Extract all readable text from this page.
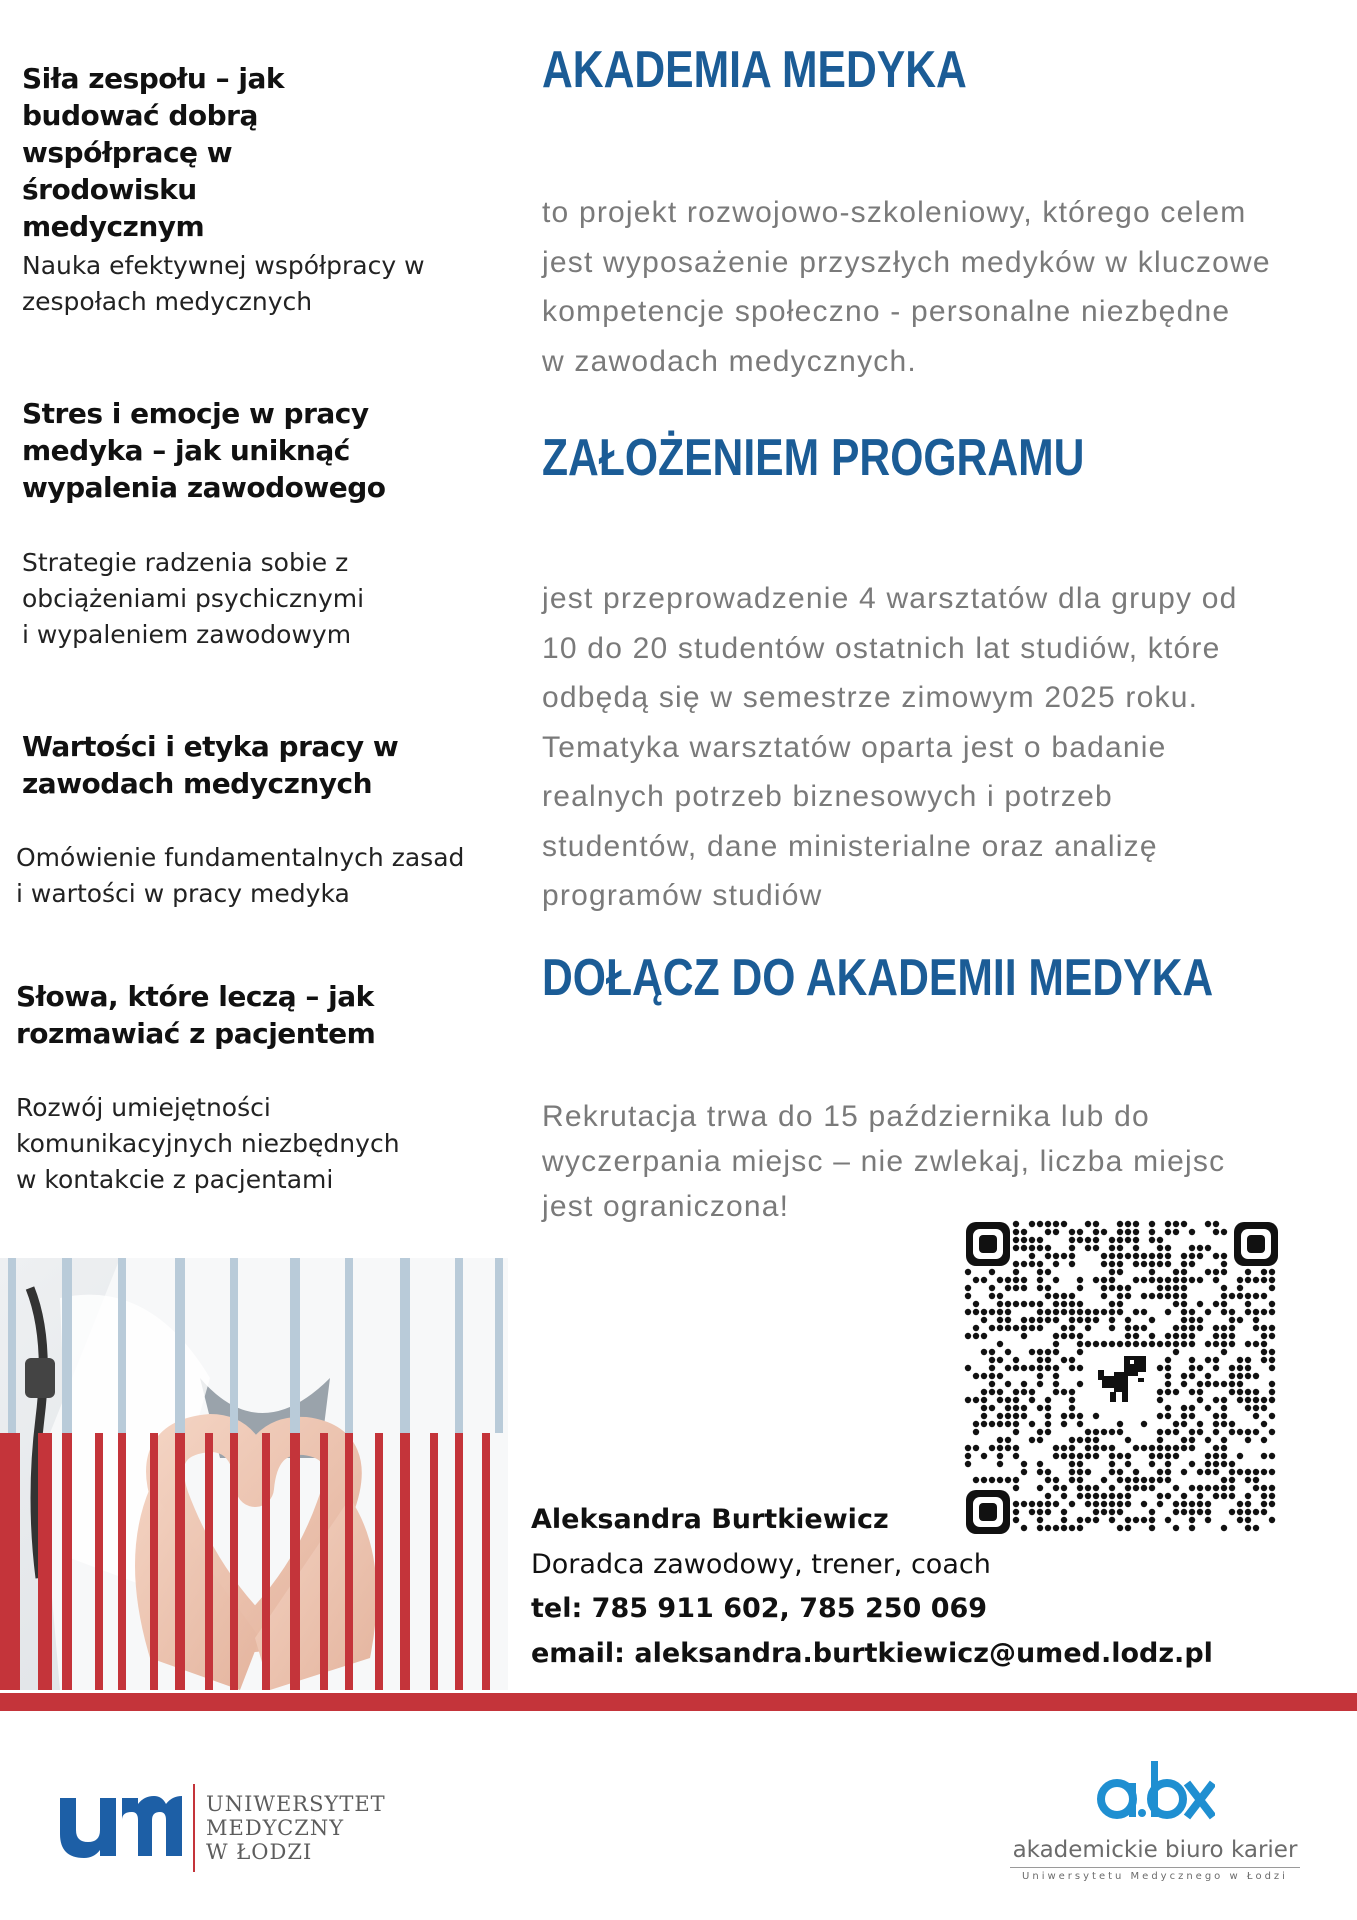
Siła zespołu – jak budować dobrą współpracę w środowisku medycznym
Nauka efektywnej współpracy w
zespołach medycznych
Stres i emocje w pracy medyka – jak uniknąć wypalenia zawodowego
Strategie radzenia sobie z
obciążeniami psychicznymi
i wypaleniem zawodowym
Wartości i etyka pracy w zawodach medycznych
Omówienie fundamentalnych zasad
i wartości w pracy medyka
Słowa, które leczą – jak rozmawiać z pacjentem
Rozwój umiejętności
komunikacyjnych niezbędnych
w kontakcie z pacjentami
AKADEMIA MEDYKA
to projekt rozwojowo-szkoleniowy, którego celem
jest wyposażenie przyszłych medyków w kluczowe
kompetencje społeczno - personalne niezbędne
w zawodach medycznych.
ZAŁOŻENIEM PROGRAMU
jest przeprowadzenie 4 warsztatów dla grupy od
10 do 20 studentów ostatnich lat studiów, które
odbędą się w semestrze zimowym 2025 roku.
Tematyka warsztatów oparta jest o badanie
realnych potrzeb biznesowych i potrzeb
studentów, dane ministerialne oraz analizę
programów studiów
DOŁĄCZ DO AKADEMII MEDYKA
Rekrutacja trwa do 15 października lub do
wyczerpania miejsc – nie zwlekaj, liczba miejsc
jest ograniczona!
Aleksandra Burtkiewicz
Doradca zawodowy, trener, coach
tel: 785 911 602, 785 250 069
email: aleksandra.burtkiewicz@umed.lodz.pl
UNIWERSYTET
MEDYCZNY
W ŁODZI	akademickie biuro karier
Uniwersytetu Medycznego w Łodzi
